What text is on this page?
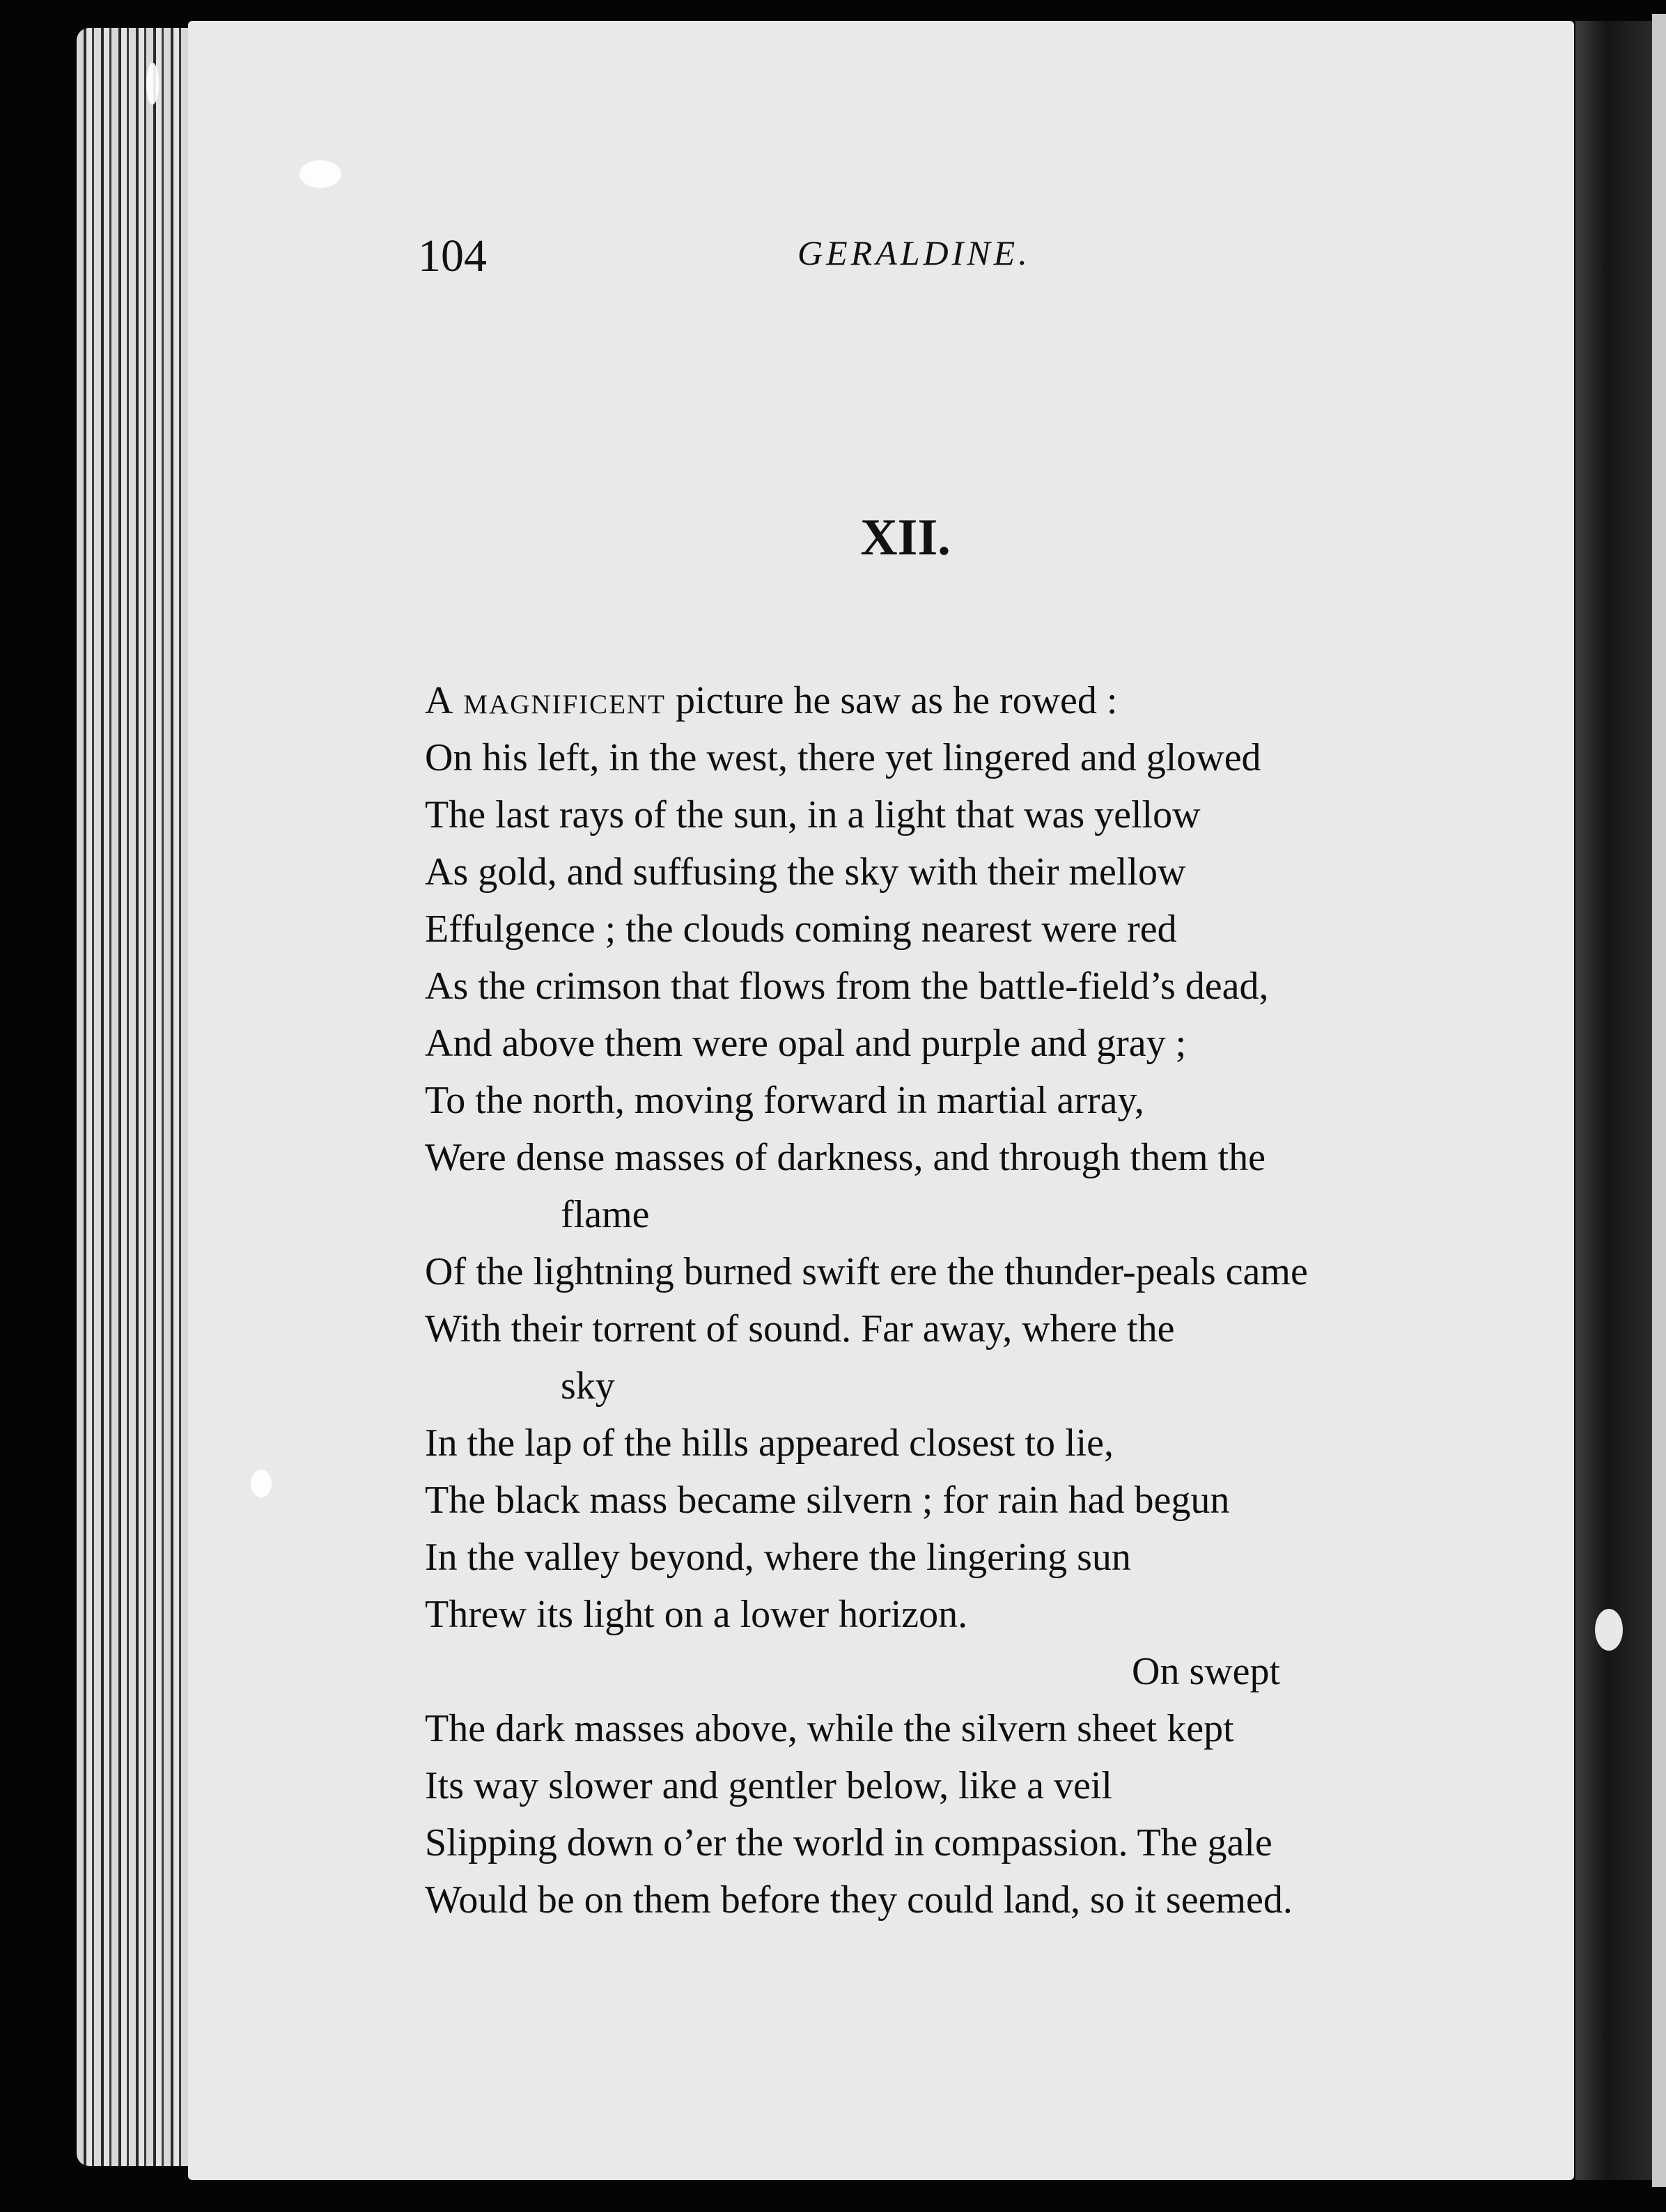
104	GERALDINE.
XII.
A magnificent picture he saw as he rowed :
On his left, in the west, there yet lingered and glowed
The last rays of the sun, in a light that was yellow
As gold, and suffusing the sky with their mellow
Effulgence ; the clouds coming nearest were red
As the crimson that flows from the battle-field’s dead,
And above them were opal and purple and gray ;
To the north, moving forward in martial array,
Were dense masses of darkness, and through them the
flame
Of the lightning burned swift ere the thunder-peals came
With their torrent of sound. Far away, where the
sky
In the lap of the hills appeared closest to lie,
The black mass became silvern ; for rain had begun
In the valley beyond, where the lingering sun
Threw its light on a lower horizon.
On swept
The dark masses above, while the silvern sheet kept
Its way slower and gentler below, like a veil
Slipping down o’er the world in compassion. The gale
Would be on them before they could land, so it seemed.
